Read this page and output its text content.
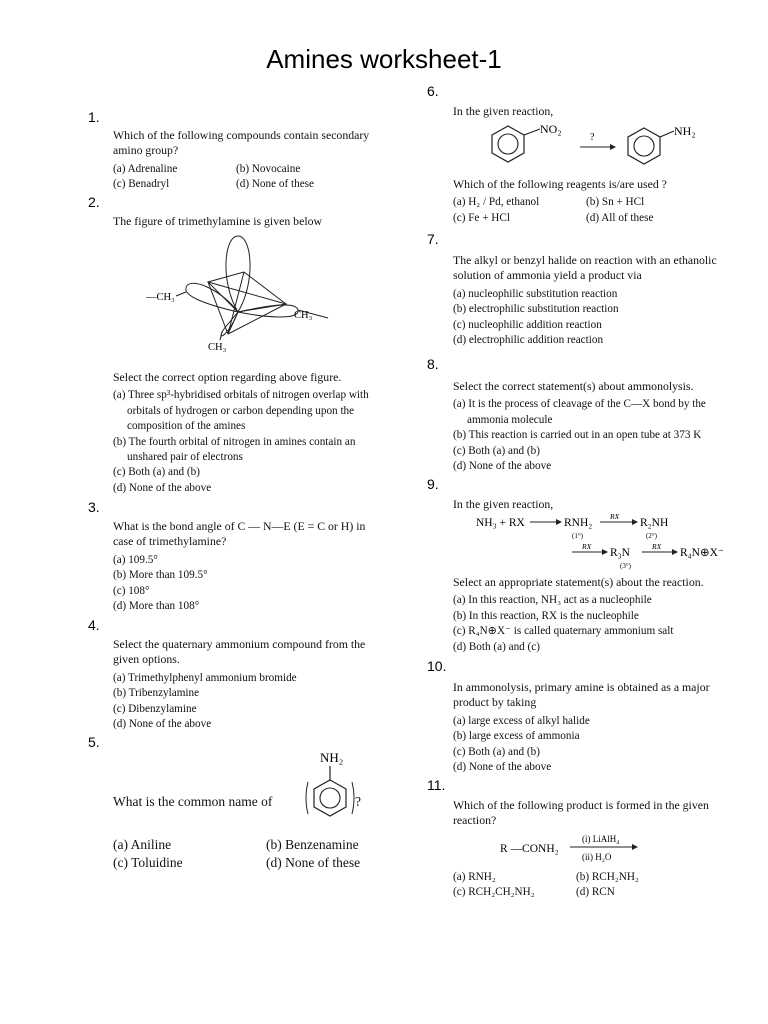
Amines worksheet-1
1.
Which of the following compounds contain secondary amino group?
(a) Adrenaline	(b) Novocaine
(c) Benadryl	(d) None of these
2.
The figure of trimethylamine is given below
—CH₃
CH₃
CH₃
Select the correct option regarding above figure.
(a) Three sp³-hybridised orbitals of nitrogen overlap with
orbitals of hydrogen or carbon depending upon the
composition of the amines
(b) The fourth orbital of nitrogen in amines contain an
unshared pair of electrons
(c) Both (a) and (b)
(d) None of the above
3.
What is the bond angle of C — N—E (E = C or H) in case of trimethylamine?
(a) 109.5°
(b) More than 109.5°
(c) 108°
(d) More than 108°
4.
Select the quaternary ammonium compound from the given options.
(a) Trimethylphenyl ammonium bromide
(b) Tribenzylamine
(c) Dibenzylamine
(d) None of the above
5.
NH₂
What is the common name of	?
(a) Aniline	(b) Benzenamine
(c) Toluidine	(d) None of these
6.
In the given reaction,
NO₂
?	NH₂
Which of the following reagents is/are used ?
(a) H₂ / Pd, ethanol	(b) Sn + HCl
(c) Fe + HCl	(d) All of these
7.
The alkyl or benzyl halide on reaction with an ethanolic solution of ammonia yield a product via
(a) nucleophilic substitution reaction
(b) electrophilic substitution reaction
(c) nucleophilic addition reaction
(d) electrophilic addition reaction
8.
Select the correct statement(s) about ammonolysis.
(a) It is the process of cleavage of the C—X bond by the
ammonia molecule
(b) This reaction is carried out in an open tube at 373 K
(c) Both (a) and (b)
(d) None of the above
9.
In the given reaction,
NH₃ + RX	RNH₂
(1°)
RX
R₂NH
(2°)
RX
R₃N
(3°)
RX
R₄N⊕X⁻
Select an appropriate statement(s) about the reaction.
(a) In this reaction, NH₃ act as a nucleophile
(b) In this reaction, RX is the nucleophile
(c) R₄N⊕X⁻ is called quaternary ammonium salt
(d) Both (a) and (c)
10.
In ammonolysis, primary amine is obtained as a major product by taking
(a) large excess of alkyl halide
(b) large excess of ammonia
(c) Both (a) and (b)
(d) None of the above
11.
Which of the following product is formed in the given reaction?
R —CONH₂
(i) LiAlH₄
(ii) H₂O
(a) RNH₂	(b) RCH₂NH₂
(c) RCH₂CH₂NH₂	(d) RCN
